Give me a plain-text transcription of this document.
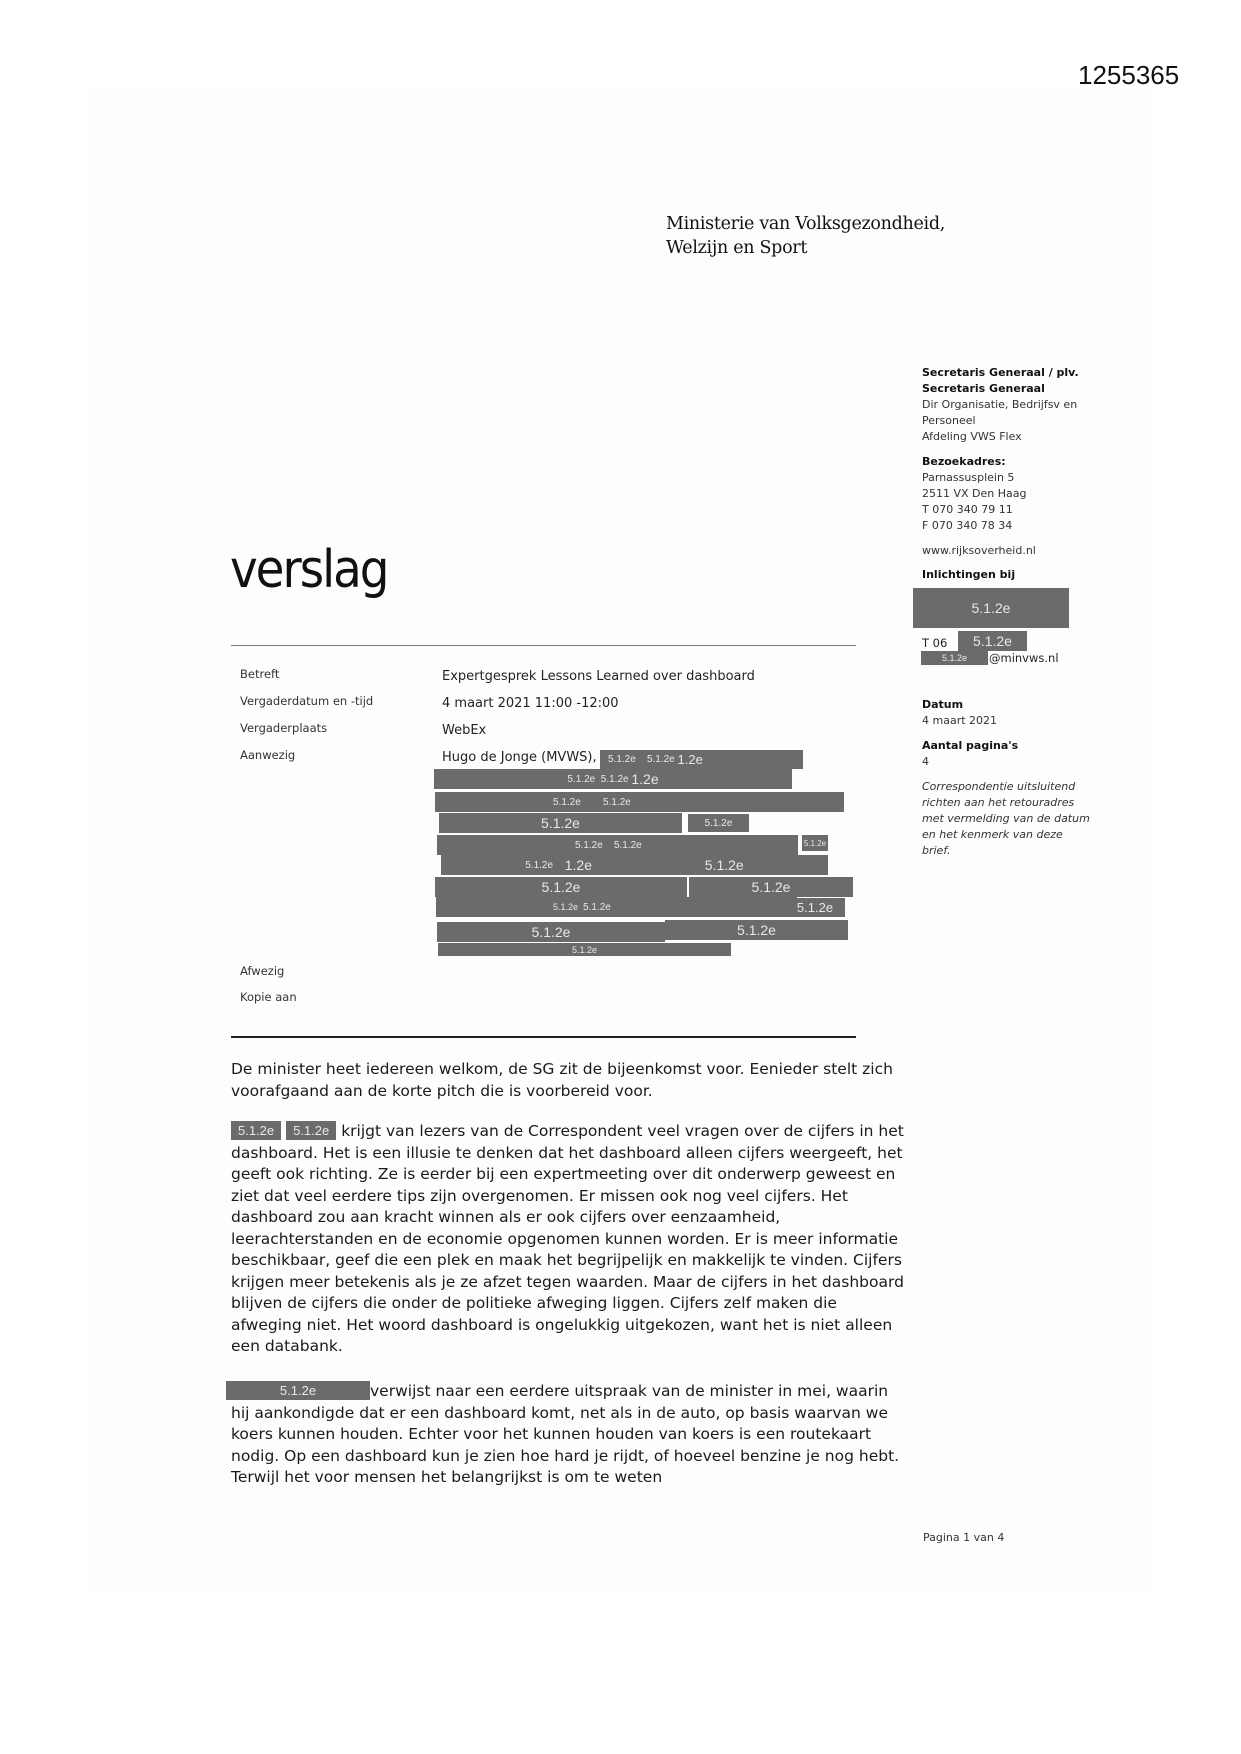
1255365
Ministerie van Volksgezondheid,
Welzijn en Sport
Secretaris Generaal / plv.
Secretaris Generaal
Dir Organisatie, Bedrijfsv en
Personeel
Afdeling VWS Flex
Bezoekadres:
Parnassusplein 5
2511 VX Den Haag
T 070 340 79 11
F 070 340 78 34
www.rijksoverheid.nl
Inlichtingen bij
5.1.2e
T 06	5.1.2e
5.1.2e	@minvws.nl
Datum
4 maart 2021
Aantal pagina's
4
Correspondentie uitsluitend
richten aan het retouradres
met vermelding van de datum
en het kenmerk van deze
brief.
verslag
Betreft	Expertgesprek Lessons Learned over dashboard
Vergaderdatum en -tijd	4 maart 2021 11:00 -12:00
Vergaderplaats	WebEx
Aanwezig	Hugo de Jonge (MVWS), 5.1.2e
5.1.2e
1.2e
5.1.2e
5.1.2e
1.2e
5.1.2e
5.1.2e
5.1.2e	5.1.2e
5.1.2e
5.1.2e	5.1.2e
5.1.2e
1.2e
	5.1.2e
5.1.2e	5.1.2e
5.1.2e
5.1.2e	5.1.2e
5.1.2e	5.1.2e
5.1.2e
Afwezig
Kopie aan
De minister heet iedereen welkom, de SG zit de bijeenkomst voor. Eenieder stelt zich voorafgaand aan de korte pitch die is voorbereid voor.
5.1.2e 5.1.2e krijgt van lezers van de Correspondent veel vragen over de cijfers in het dashboard. Het is een illusie te denken dat het dashboard alleen cijfers weergeeft, het geeft ook richting. Ze is eerder bij een expertmeeting over dit onderwerp geweest en ziet dat veel eerdere tips zijn overgenomen. Er missen ook nog veel cijfers. Het dashboard zou aan kracht winnen als er ook cijfers over eenzaamheid, leerachterstanden en de economie opgenomen kunnen worden. Er is meer informatie beschikbaar, geef die een plek en maak het begrijpelijk en makkelijk te vinden. Cijfers krijgen meer betekenis als je ze afzet tegen waarden. Maar de cijfers in het dashboard blijven de cijfers die onder de politieke afweging liggen. Cijfers zelf maken die afweging niet. Het woord dashboard is ongelukkig uitgekozen, want het is niet alleen een databank.
5.1.2e	verwijst naar een eerdere uitspraak van de minister in mei, waarin hij aankondigde dat er een dashboard komt, net als in de auto, op basis waarvan we koers kunnen houden. Echter voor het kunnen houden van koers is een routekaart nodig. Op een dashboard kun je zien hoe hard je rijdt, of hoeveel benzine je nog hebt. Terwijl het voor mensen het belangrijkst is om te weten
Pagina 1 van 4
